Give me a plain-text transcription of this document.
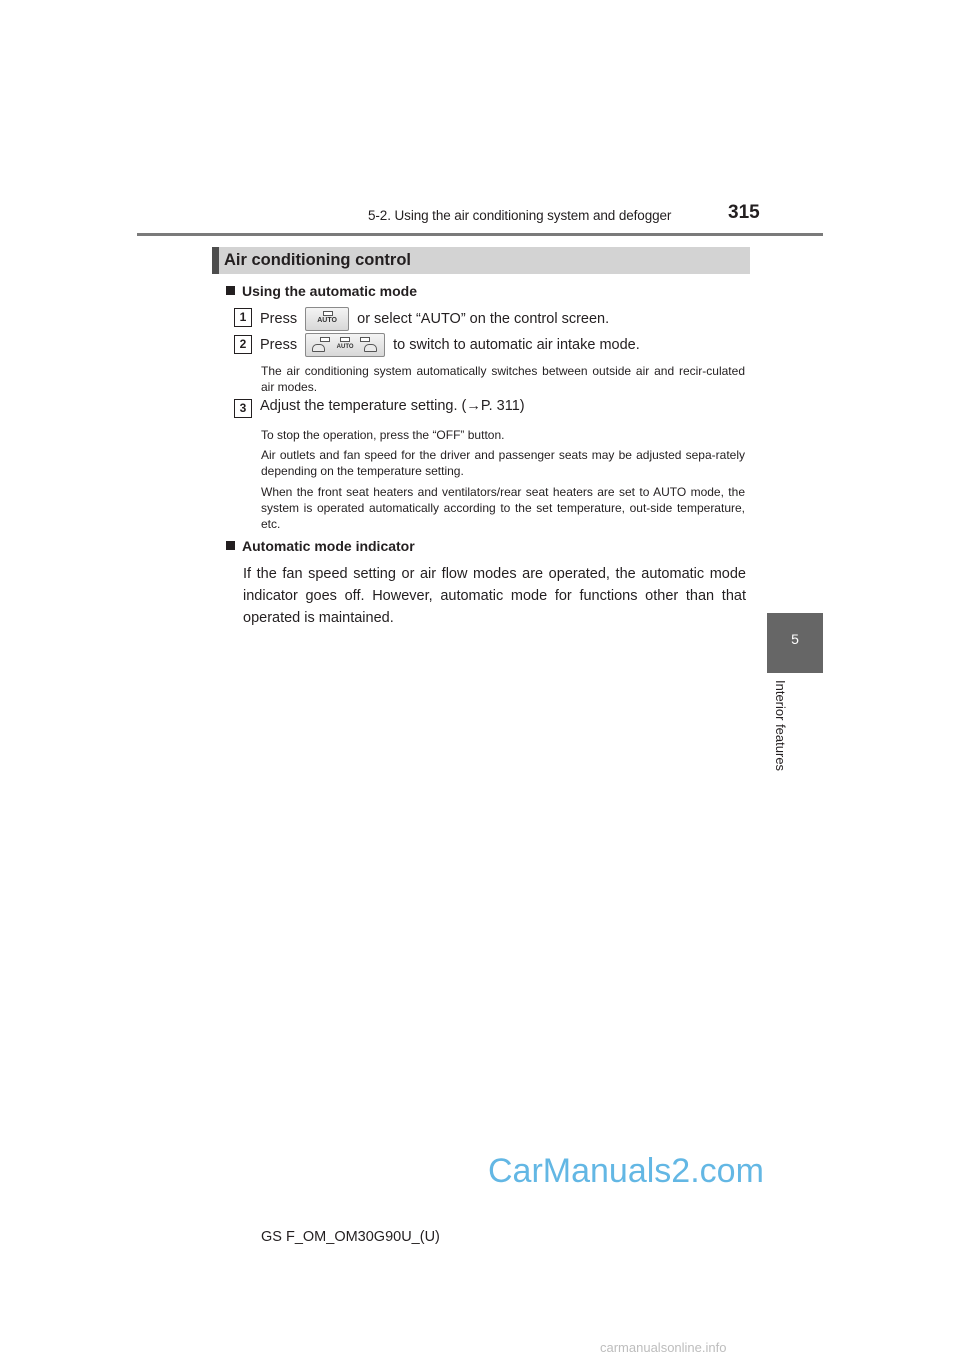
5-2. Using the air conditioning system and defogger	315
5
Interior features
Air conditioning control
Using the automatic mode
1 Press	AUTO	or select “AUTO” on the control screen.
2 Press	AUTO	to switch to automatic air intake mode.
The air conditioning system automatically switches between outside air and recir-culated air modes.
3 Adjust the temperature setting. (→P. 311)
To stop the operation, press the “OFF” button.
Air outlets and fan speed for the driver and passenger seats may be adjusted sepa-rately depending on the temperature setting.
When the front seat heaters and ventilators/rear seat heaters are set to AUTO mode, the system is operated automatically according to the set temperature, out-side temperature, etc.
Automatic mode indicator
If the fan speed setting or air flow modes are operated, the automatic mode indicator goes off. However, automatic mode for functions other than that operated is maintained.
GS F_OM_OM30G90U_(U)
CarManuals2.com
carmanualsonline.info
